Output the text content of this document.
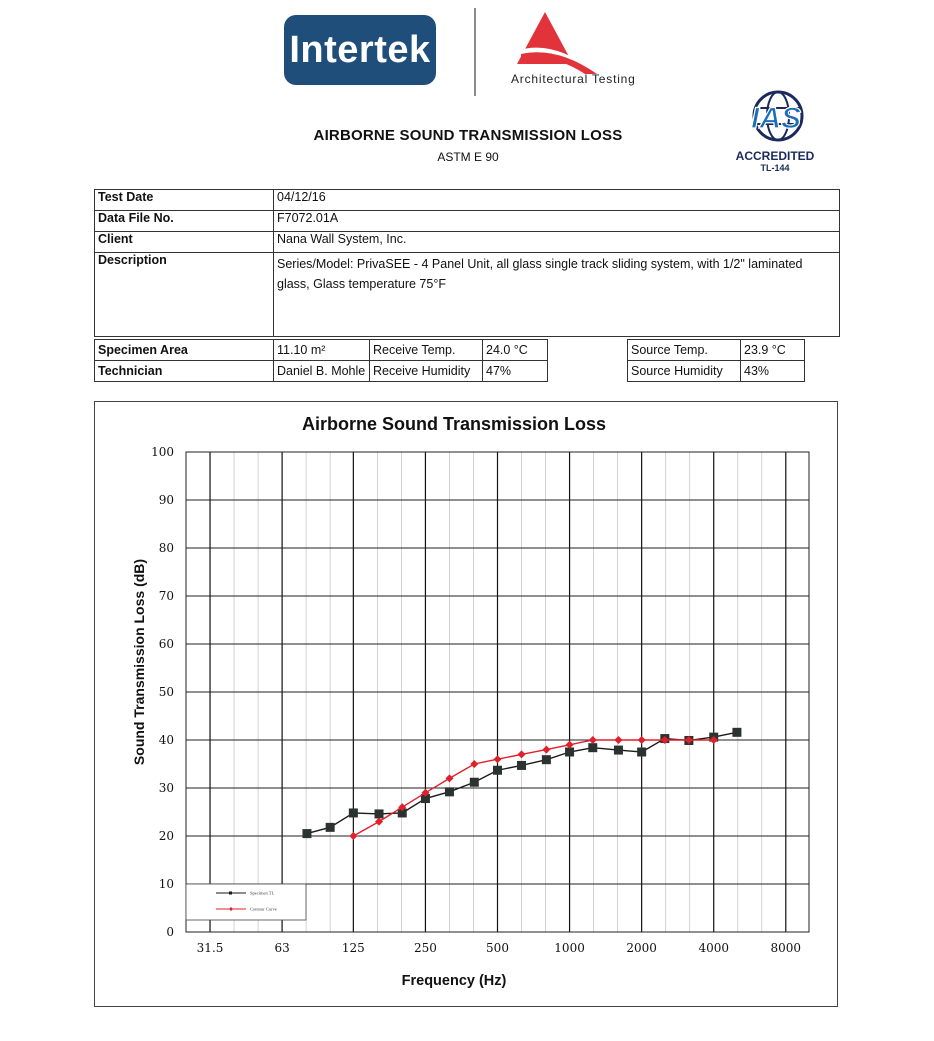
Intertek
Architectural Testing
IAS
ACCREDITED
TL-144
AIRBORNE SOUND TRANSMISSION LOSS
ASTM E 90
Test Date	04/12/16
Data File No.	F7072.01A
Client	Nana Wall System, Inc.
Description	Series/Model: PrivaSEE - 4 Panel Unit, all glass single track sliding system, with 1/2" laminated glass, Glass temperature 75°F
Specimen Area	11.10 m²	Receive Temp.	24.0 °C		Source Temp.	23.9 °C	
Technician	Daniel B. Mohle	Receive Humidity	47%		Source Humidity	43%	
Airborne Sound Transmission Loss
Sound Transmission Loss (dB)
Frequency (Hz)
0
10
20
30
40
50
60
70
80
90
100
31.5	63	125	250	500	1000	2000	4000	8000
Specimen TL
Contour Curve
